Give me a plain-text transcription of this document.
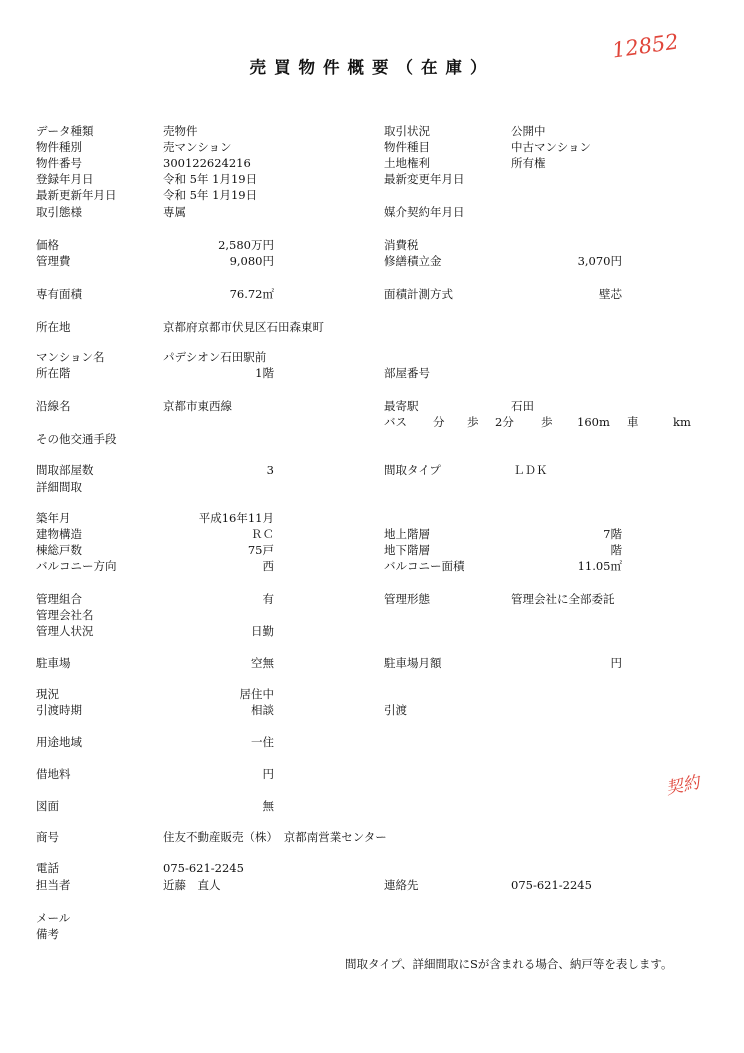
売買物件概要（在庫）
12852
契約
データ種類	売物件
物件種別	売マンション
物件番号	300122624216
登録年月日	令和 5年 1月19日
最新更新年月日	令和 5年 1月19日
取引態様	専属
取引状況	公開中
物件種目	中古マンション
土地権利	所有権
最新変更年月日
媒介契約年月日
価格	2,580万円
管理費	9,080円
消費税
修繕積立金	3,070円
専有面積	76.72㎡	面積計測方式	壁芯
所在地	京都府京都市伏見区石田森東町
マンション名	パデシオン石田駅前
所在階	1階	部屋番号
沿線名	京都市東西線	最寄駅	石田
バス 分 歩 2分 歩 160m 車	km
その他交通手段
間取部屋数	3	間取タイプ	ＬＤＫ
詳細間取
築年月	平成16年11月
建物構造	ＲＣ
棟総戸数	75戸
バルコニー方向	西
地上階層	7階
地下階層	階
バルコニー面積	11.05㎡
管理組合	有
管理会社名
管理人状況	日勤
管理形態	管理会社に全部委託
駐車場	空無	駐車場月額	円
現況	居住中
引渡時期	相談	引渡
用途地域	一住
借地料	円
図面	無
商号	住友不動産販売（株）　京都南営業センター
電話	075-621-2245
担当者	近藤　直人	連絡先	075-621-2245
メール
備考
間取タイプ、詳細間取にSが含まれる場合、納戸等を表します。
